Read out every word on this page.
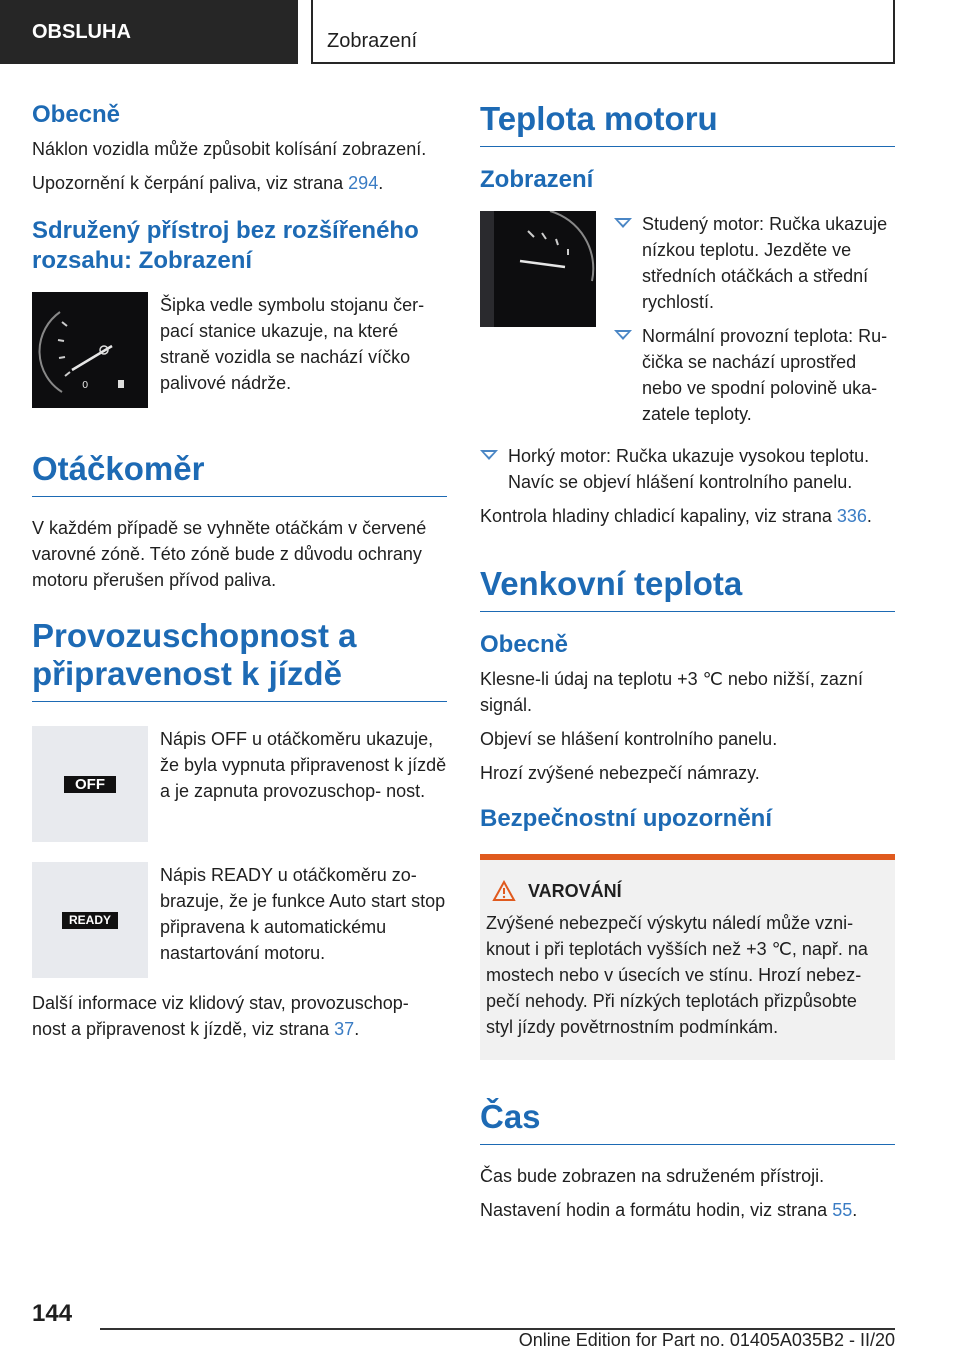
OBSLUHA	Zobrazení
Obecně

Náklon vozidla může způsobit kolísání zobrazení.

Upozornění k čerpání paliva, viz strana 294.

Sdružený přístroj bez rozšířeného rozsahu: Zobrazení
0

Šipka vedle symbolu stojanu čer- pací stanice ukazuje, na které straně vozidla se nachází víčko palivové nádrže.

Otáčkoměr

V každém případě se vyhněte otáčkám v červené varovné zóně. Této zóně bude z důvodu ochrany motoru přerušen přívod paliva.

Provozuschopnost a připravenost k jízdě
OFF

Nápis OFF u otáčkoměru ukazuje, že byla vypnuta připravenost k jízdě a je zapnuta provozuschop- nost.

READY

Nápis READY u otáčkoměru zo- brazuje, že je funkce Auto start stop připravena k automatickému nastartování motoru.

Další informace viz klidový stav, provozuschop- nost a připravenost k jízdě, viz strana 37.

Teplota motoru
Zobrazení
Studený motor: Ručka ukazuje nízkou teplotu. Jezděte ve středních otáčkách a střední rychlostí.
Normální provozní teplota: Ru- čička se nachází uprostřed nebo ve spodní polovině uka- zatele teploty.
Horký motor: Ručka ukazuje vysokou teplotu. Navíc se objeví hlášení kontrolního panelu.

Kontrola hladiny chladicí kapaliny, viz strana 336.

Venkovní teplota
Obecně

Klesne-li údaj na teplotu +3 ℃ nebo nižší, zazní signál.

Objeví se hlášení kontrolního panelu.

Hrozí zvýšené nebezpečí námrazy.

Bezpečnostní upozornění
VAROVÁNÍ

Zvýšené nebezpečí výskytu náledí může vzni- knout i při teplotách vyšších než +3 ℃, např. na mostech nebo v úsecích ve stínu. Hrozí nebez- pečí nehody. Při nízkých teplotách přizpůsobte styl jízdy povětrnostním podmínkám.

Čas

Čas bude zobrazen na sdruženém přístroji.

Nastavení hodin a formátu hodin, viz strana 55.

144
Online Edition for Part no. 01405A035B2 - II/20
